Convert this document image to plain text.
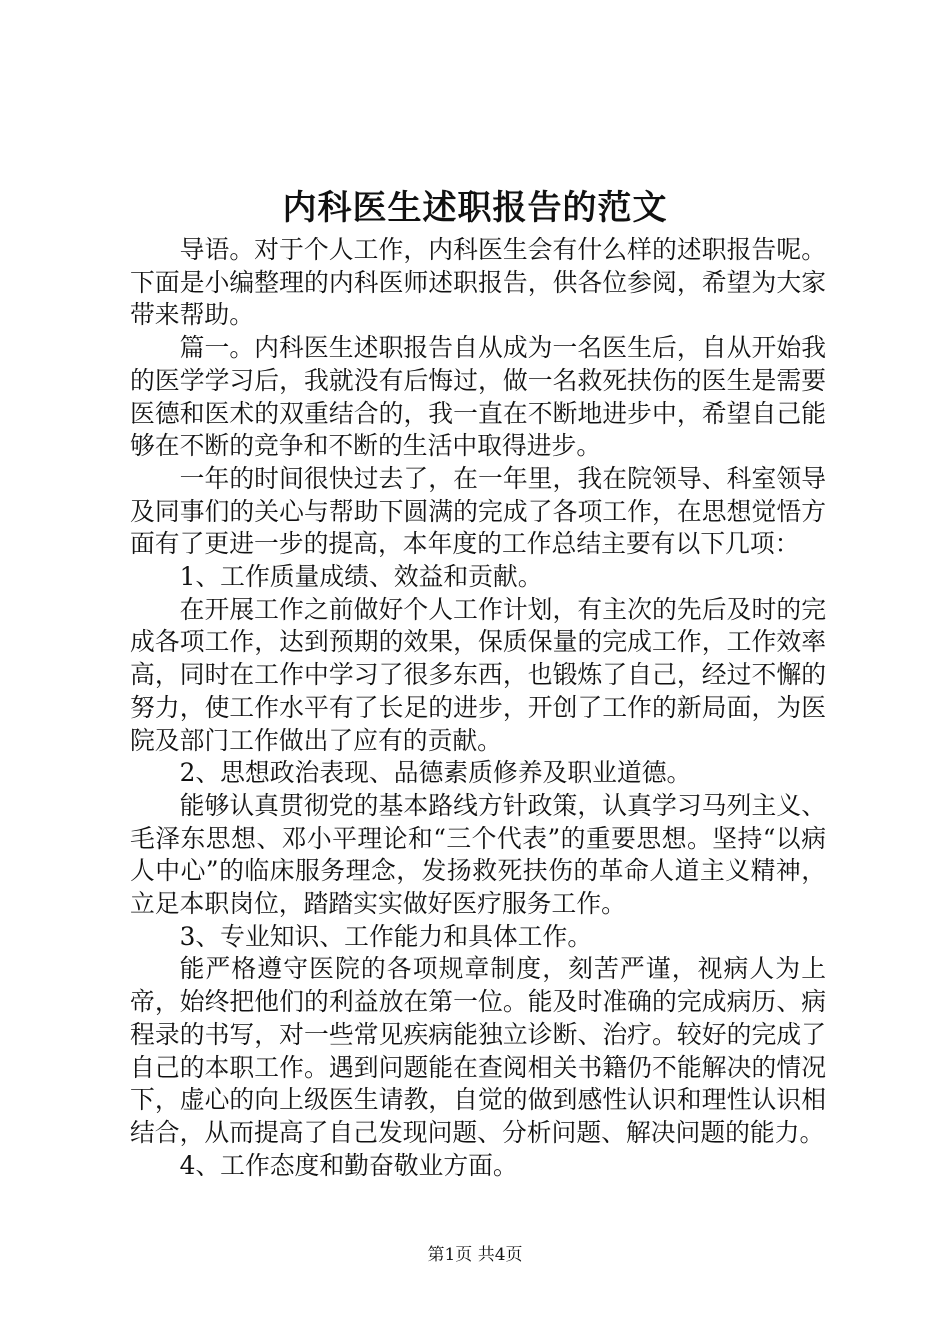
内科医生述职报告的范文

导语。对于个人工作，内科医生会有什么样的述职报告呢。下面是小编整理的内科医师述职报告，供各位参阅，希望为大家带来帮助。

篇一。内科医生述职报告自从成为一名医生后，自从开始我的医学学习后，我就没有后悔过，做一名救死扶伤的医生是需要医德和医术的双重结合的，我一直在不断地进步中，希望自己能够在不断的竞争和不断的生活中取得进步。

一年的时间很快过去了，在一年里，我在院领导、科室领导及同事们的关心与帮助下圆满的完成了各项工作，在思想觉悟方面有了更进一步的提高，本年度的工作总结主要有以下几项：

1、工作质量成绩、效益和贡献。

在开展工作之前做好个人工作计划，有主次的先后及时的完成各项工作，达到预期的效果，保质保量的完成工作，工作效率高，同时在工作中学习了很多东西，也锻炼了自己，经过不懈的努力，使工作水平有了长足的进步，开创了工作的新局面，为医院及部门工作做出了应有的贡献。

2、思想政治表现、品德素质修养及职业道德。

能够认真贯彻党的基本路线方针政策，认真学习马列主义、毛泽东思想、邓小平理论和“三个代表”的重要思想。坚持“以病人中心”的临床服务理念，发扬救死扶伤的革命人道主义精神，立足本职岗位，踏踏实实做好医疗服务工作。

3、专业知识、工作能力和具体工作。

能严格遵守医院的各项规章制度，刻苦严谨，视病人为上帝，始终把他们的利益放在第一位。能及时准确的完成病历、病程录的书写，对一些常见疾病能独立诊断、治疗。较好的完成了自己的本职工作。遇到问题能在查阅相关书籍仍不能解决的情况下，虚心的向上级医生请教，自觉的做到感性认识和理性认识相结合，从而提高了自己发现问题、分析问题、解决问题的能力。

4、工作态度和勤奋敬业方面。

第1页 共4页
